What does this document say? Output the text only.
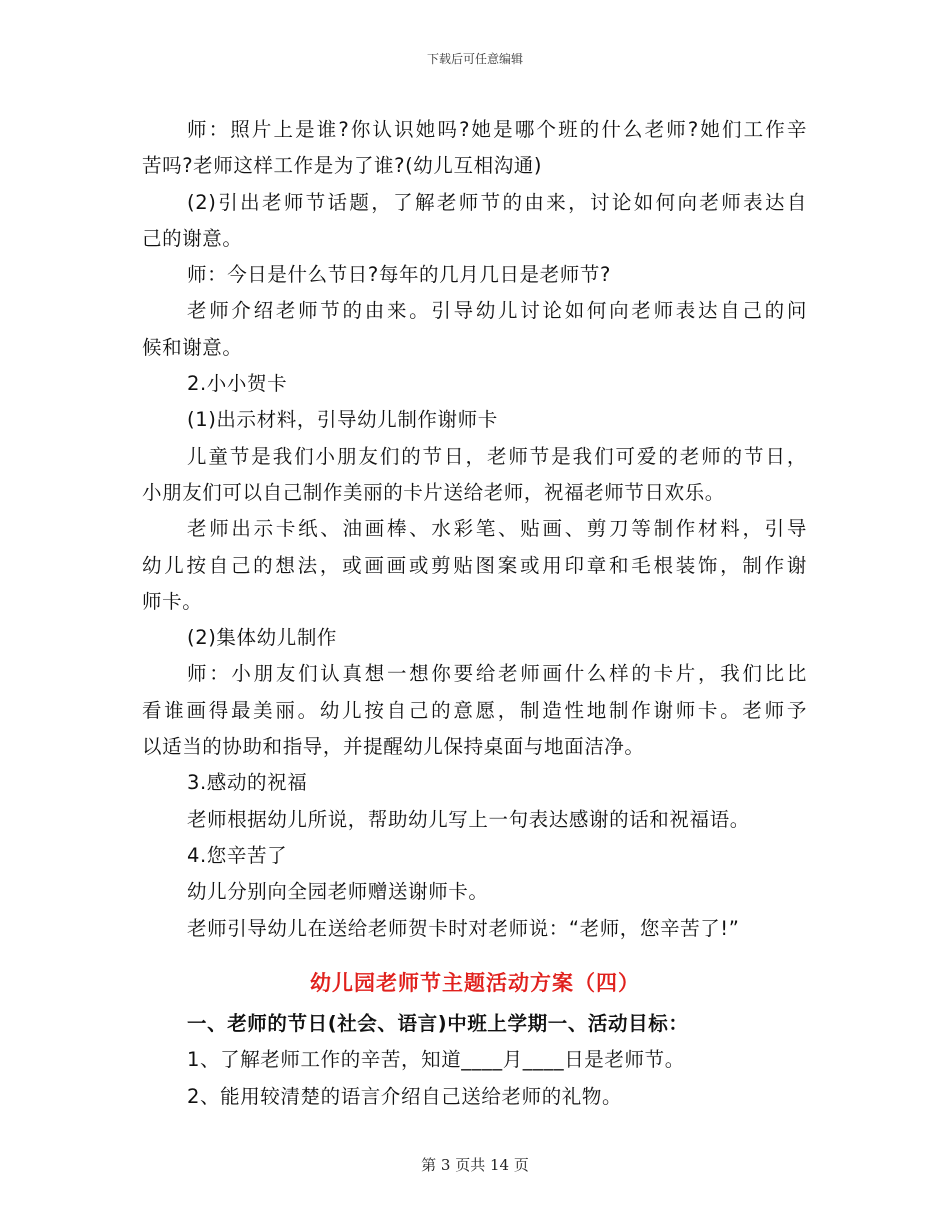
下载后可任意编辑
师：照片上是谁?你认识她吗?她是哪个班的什么老师?她们工作辛
苦吗?老师这样工作是为了谁?(幼儿互相沟通)
(2)引出老师节话题，了解老师节的由来，讨论如何向老师表达自
己的谢意。
师：今日是什么节日?每年的几月几日是老师节?
老师介绍老师节的由来。引导幼儿讨论如何向老师表达自己的问
候和谢意。
2.小小贺卡
(1)出示材料，引导幼儿制作谢师卡
儿童节是我们小朋友们的节日，老师节是我们可爱的老师的节日，
小朋友们可以自己制作美丽的卡片送给老师，祝福老师节日欢乐。
老师出示卡纸、油画棒、水彩笔、贴画、剪刀等制作材料，引导
幼儿按自己的想法，或画画或剪贴图案或用印章和毛根装饰，制作谢
师卡。
(2)集体幼儿制作
师：小朋友们认真想一想你要给老师画什么样的卡片，我们比比
看谁画得最美丽。幼儿按自己的意愿，制造性地制作谢师卡。老师予
以适当的协助和指导，并提醒幼儿保持桌面与地面洁净。
3.感动的祝福
老师根据幼儿所说，帮助幼儿写上一句表达感谢的话和祝福语。
4.您辛苦了
幼儿分别向全园老师赠送谢师卡。
老师引导幼儿在送给老师贺卡时对老师说：“老师，您辛苦了!”
幼儿园老师节主题活动方案（四）
一、老师的节日(社会、语言)中班上学期一、活动目标：
1、了解老师工作的辛苦，知道____月____日是老师节。
2、能用较清楚的语言介绍自己送给老师的礼物。
第 3 页共 14 页
